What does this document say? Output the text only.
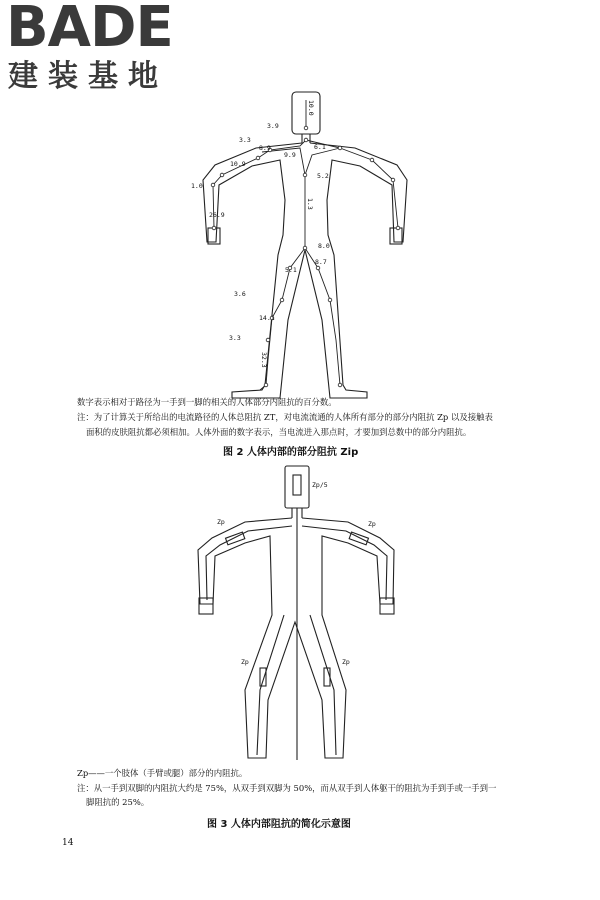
BADE
建装基地
10.0
3.9
3.3
8.9	6.1
9.9
10.9
5.2
1.0
26.9
1.3
8.0
8.7
5.1
3.6
14.1
3.3
32.3
Zp/5
Zp	Zp
Zp	Zp

数字表示相对于路径为一手到一脚的相关的人体部分内阻抗的百分数。

注：为了计算关于所给出的电流路径的人体总阻抗 ZT，对电流流通的人体所有部分的部分内阻抗 Zp 以及接触表

面积的皮肤阻抗都必须相加。人体外面的数字表示，当电流进入那点时，才要加到总数中的部分内阻抗。

图 2 人体内部的部分阻抗 Zip

Zp——一个肢体（手臂或腿）部分的内阻抗。

注：从一手到双脚的内阻抗大约是 75%，从双手到双脚为 50%，而从双手到人体躯干的阻抗为手到手或一手到一

脚阻抗的 25%。

图 3 人体内部阻抗的简化示意图
14
